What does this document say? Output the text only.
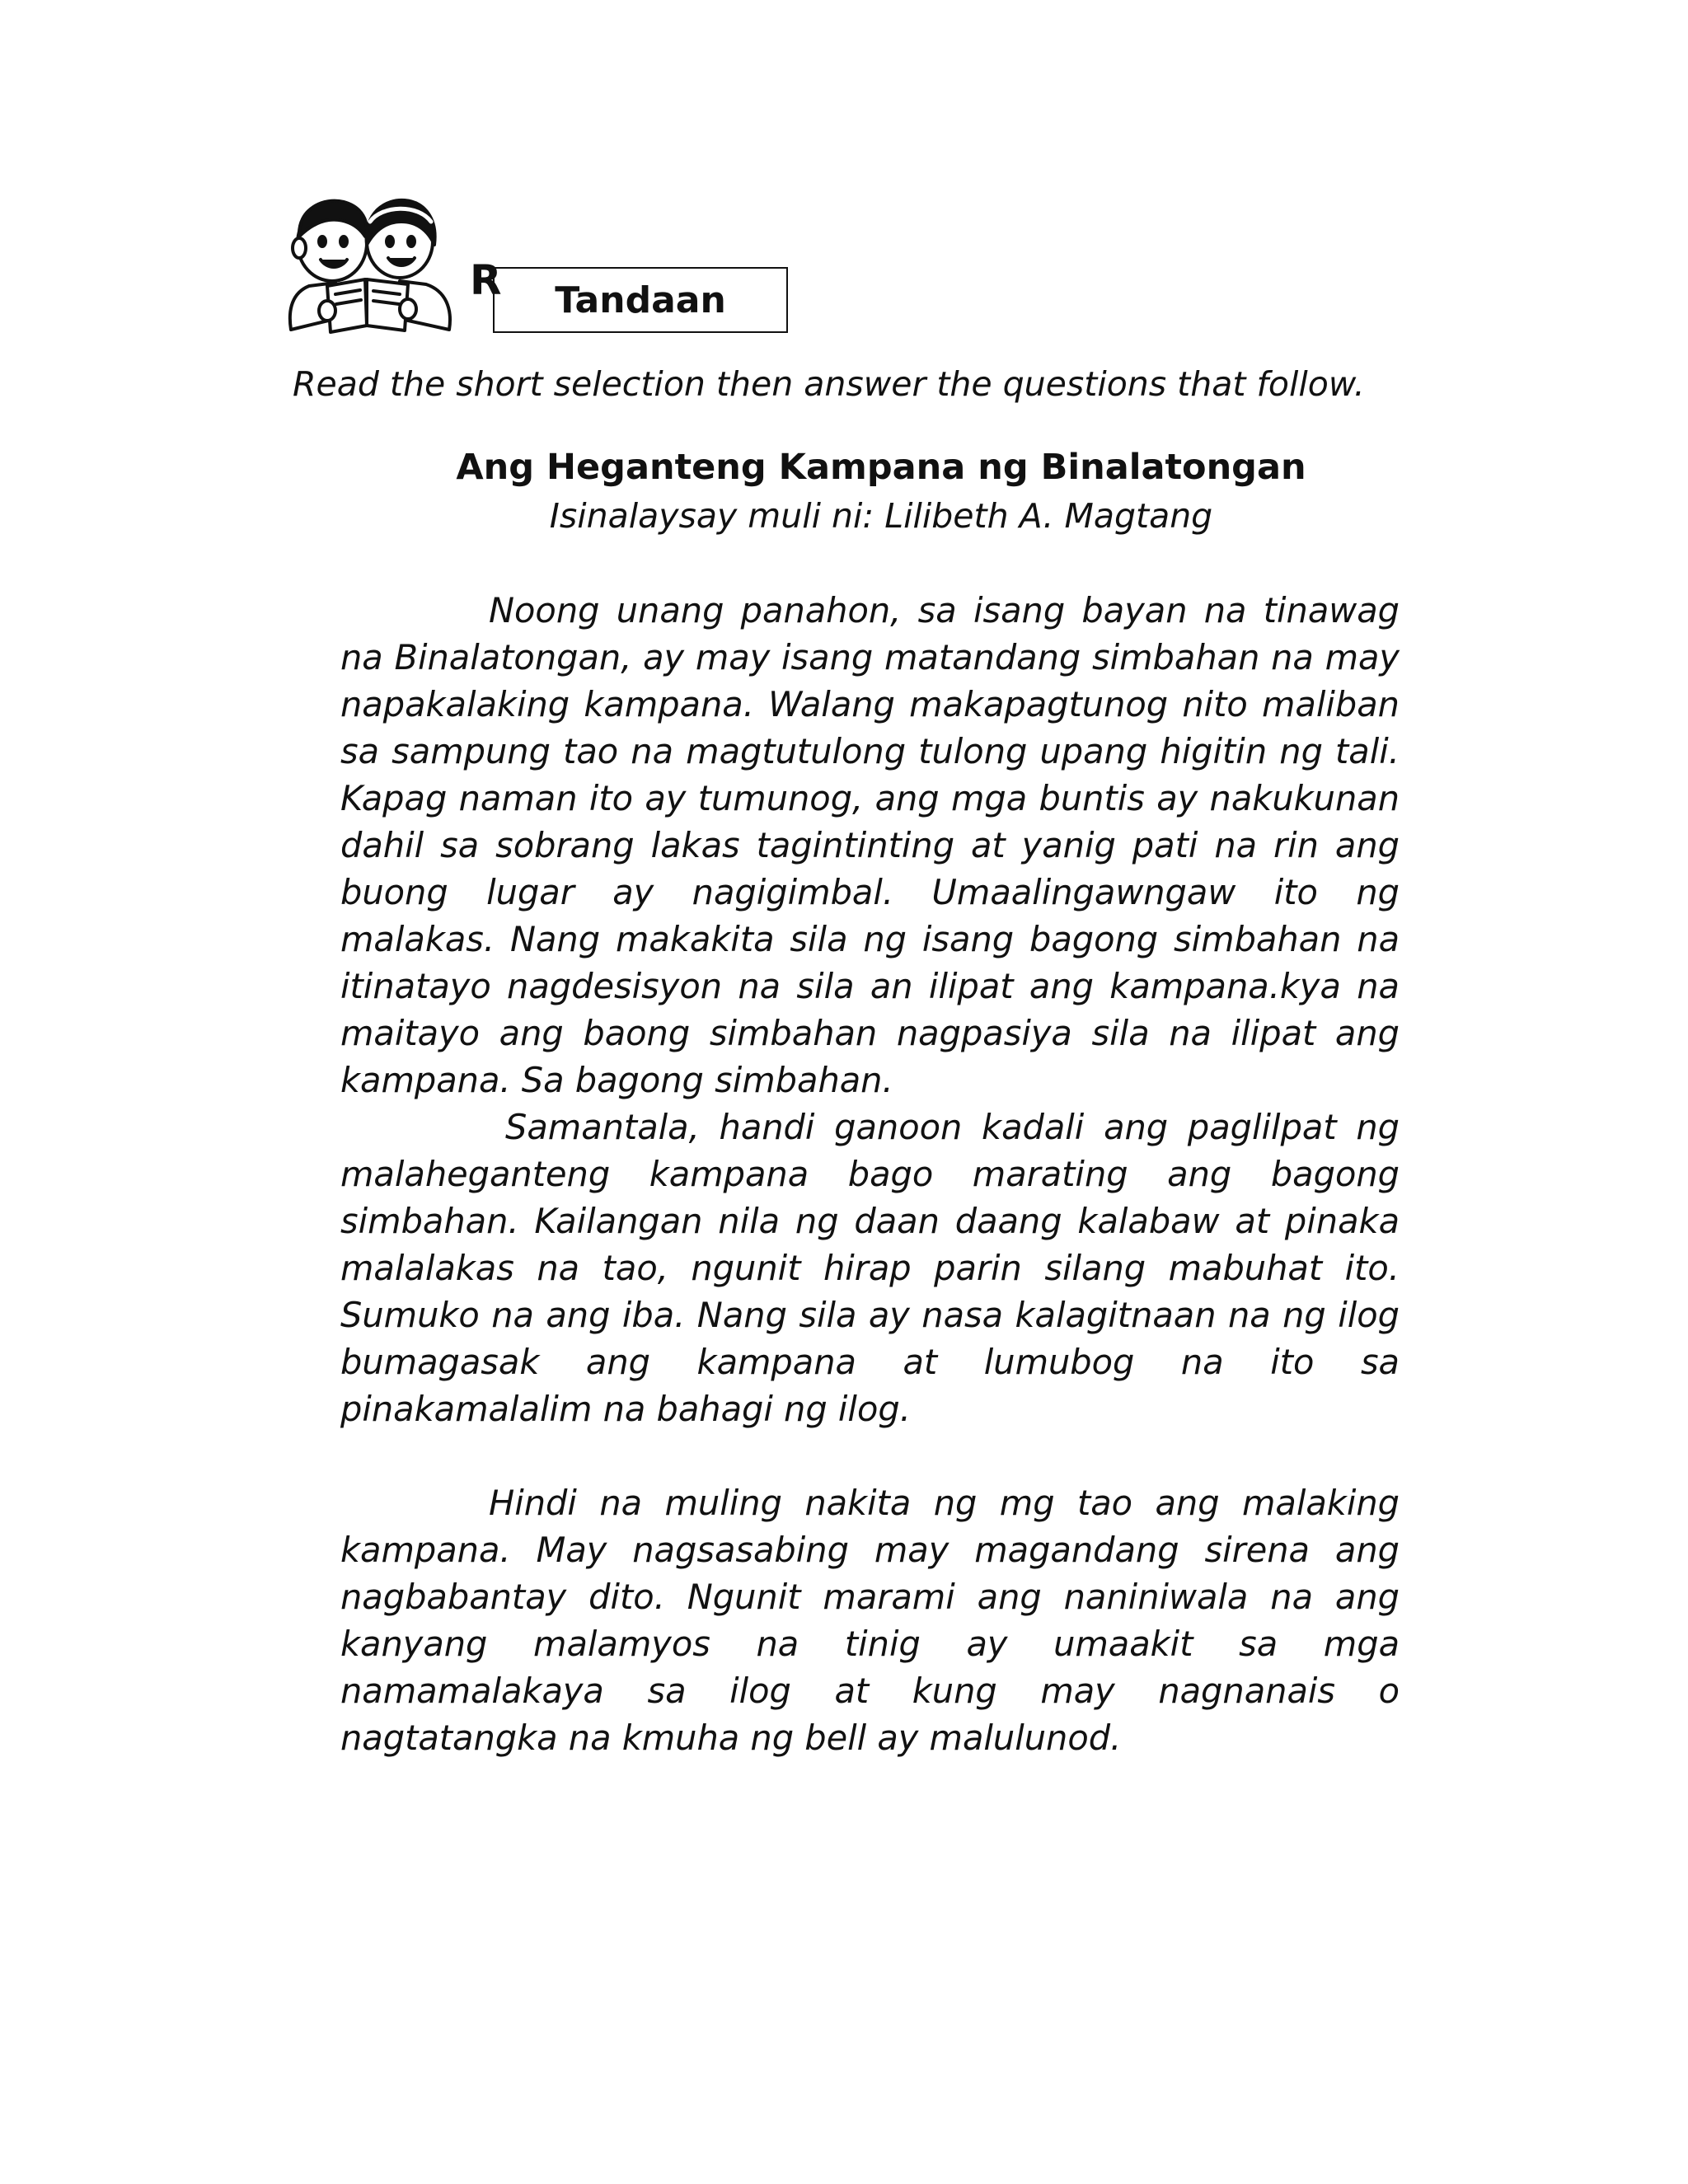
R	Tandaan
Read the short selection then answer the questions that follow.
Ang Heganteng Kampana ng Binalatongan
Isinalaysay muli ni: Lilibeth A. Magtang

Noong unang panahon, sa isang bayan na tinawag na Binalatongan, ay may isang matandang simbahan na may napakalaking kampana. Walang makapagtunog nito maliban sa sampung tao na magtutulong tulong upang higitin ng tali. Kapag naman ito ay tumunog, ang mga buntis ay nakukunan dahil sa sobrang lakas tagintinting at yanig pati na rin ang buong lugar ay nagigimbal. Umaalingawngaw ito ng malakas. Nang makakita sila ng isang bagong simbahan na itinatayo nagdesisyon na sila an ilipat ang kampana.kya na maitayo ang baong simbahan nagpasiya sila na ilipat ang kampana. Sa bagong simbahan.

Samantala, handi ganoon kadali ang paglilpat ng malaheganteng kampana bago marating ang bagong simbahan. Kailangan nila ng daan daang kalabaw at pinaka malalakas na tao, ngunit hirap parin silang mabuhat ito. Sumuko na ang iba. Nang sila ay nasa kalagitnaan na ng ilog bumagasak ang kampana at lumubog na ito sa pinakamalalim na bahagi ng ilog.

Hindi na muling nakita ng mg tao ang malaking kampana. May nagsasabing may magandang sirena ang nagbabantay dito. Ngunit marami ang naniniwala na ang kanyang malamyos na tinig ay umaakit sa mga namamalakaya sa ilog at kung may nagnanais o nagtatangka na kmuha ng bell ay malulunod.
